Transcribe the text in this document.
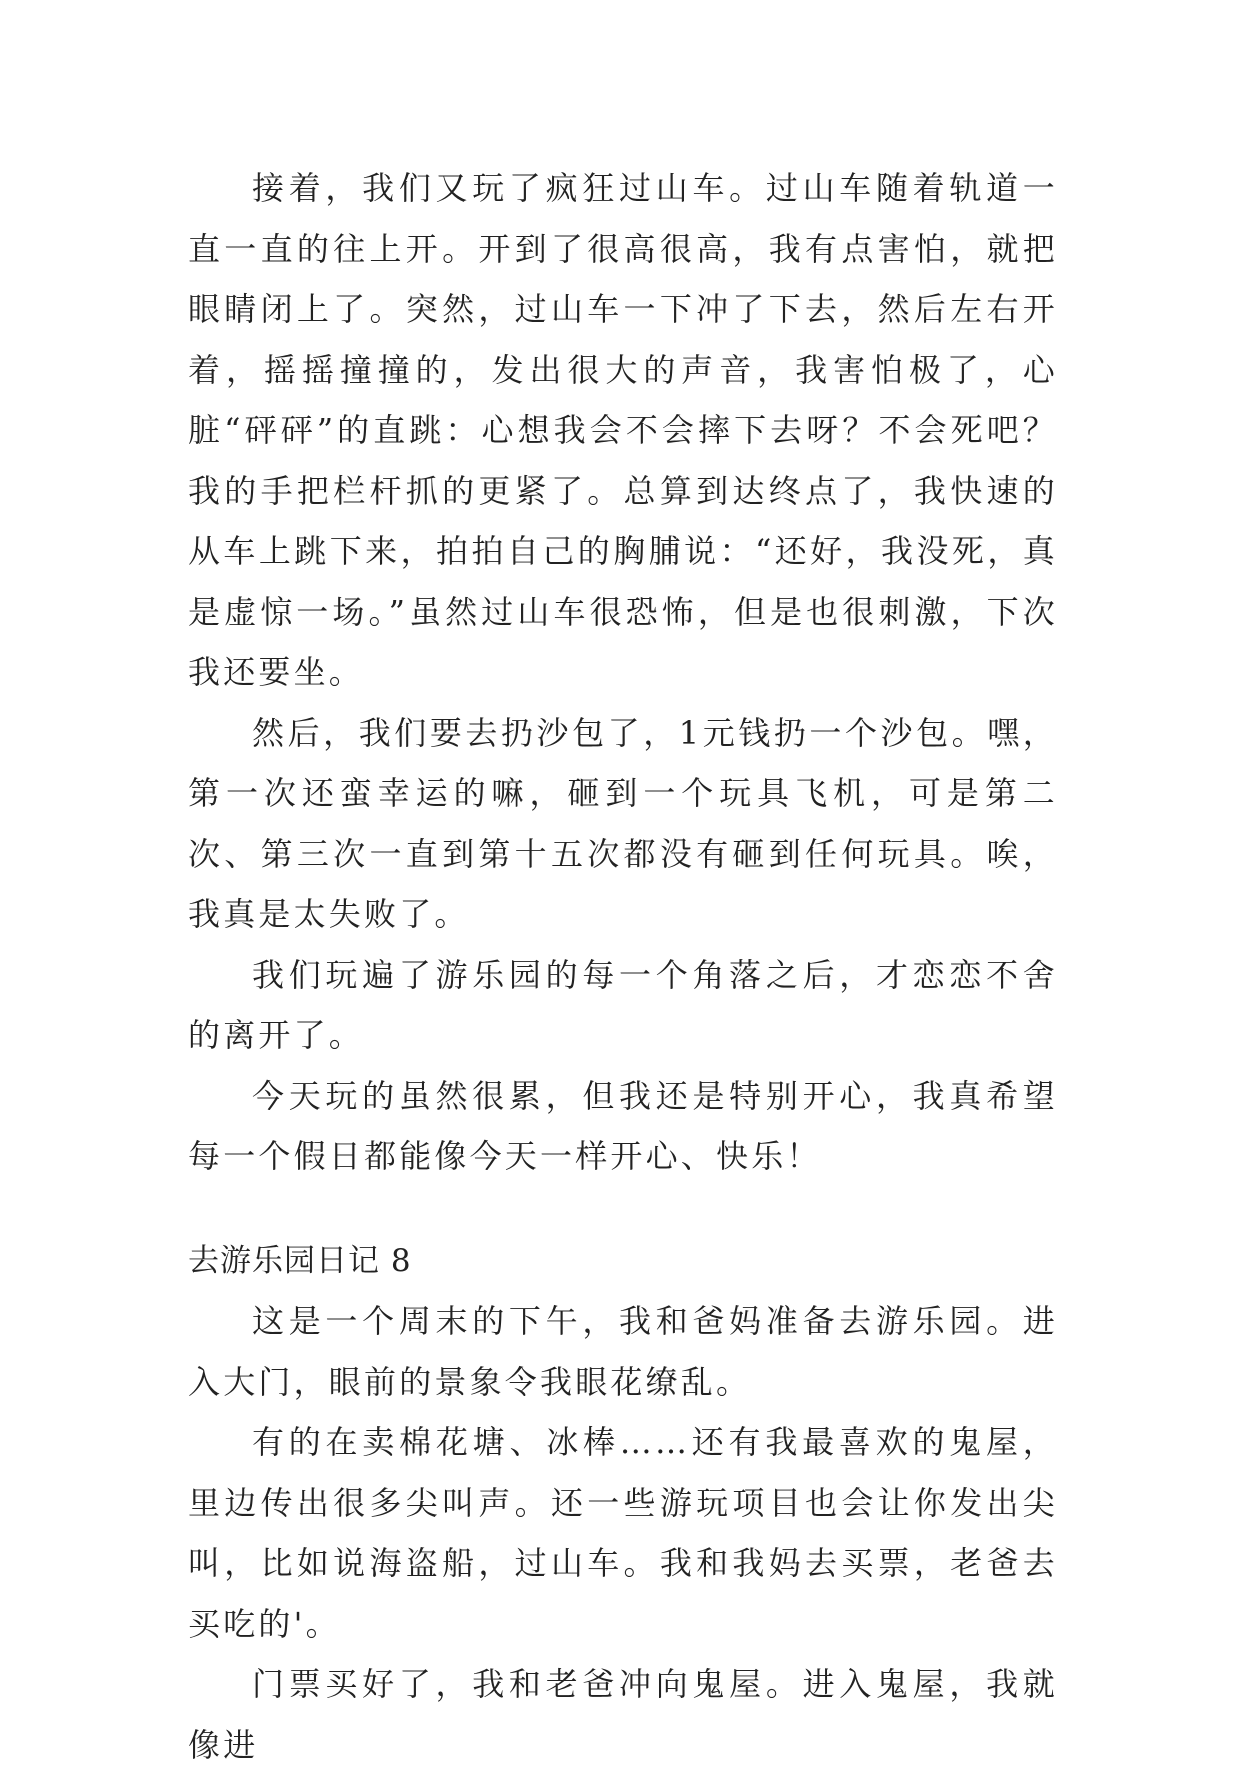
接着，我们又玩了疯狂过山车。过山车随着轨道一直一直的往上开。开到了很高很高，我有点害怕，就把眼睛闭上了。突然，过山车一下冲了下去，然后左右开着，摇摇撞撞的，发出很大的声音，我害怕极了，心脏“砰砰”的直跳：心想我会不会摔下去呀？不会死吧？我的手把栏杆抓的更紧了。总算到达终点了，我快速的从车上跳下来，拍拍自己的胸脯说：“还好，我没死，真是虚惊一场。”虽然过山车很恐怖，但是也很刺激，下次我还要坐。

然后，我们要去扔沙包了，1元钱扔一个沙包。嘿，第一次还蛮幸运的嘛，砸到一个玩具飞机，可是第二次、第三次一直到第十五次都没有砸到任何玩具。唉，我真是太失败了。

我们玩遍了游乐园的每一个角落之后，才恋恋不舍的离开了。

今天玩的虽然很累，但我还是特别开心，我真希望每一个假日都能像今天一样开心、快乐！

去游乐园日记 8

这是一个周末的下午，我和爸妈准备去游乐园。进入大门，眼前的景象令我眼花缭乱。

有的在卖棉花塘、冰棒……还有我最喜欢的鬼屋，里边传出很多尖叫声。还一些游玩项目也会让你发出尖叫，比如说海盗船，过山车。我和我妈去买票，老爸去买吃的'。

门票买好了，我和老爸冲向鬼屋。进入鬼屋，我就像进
